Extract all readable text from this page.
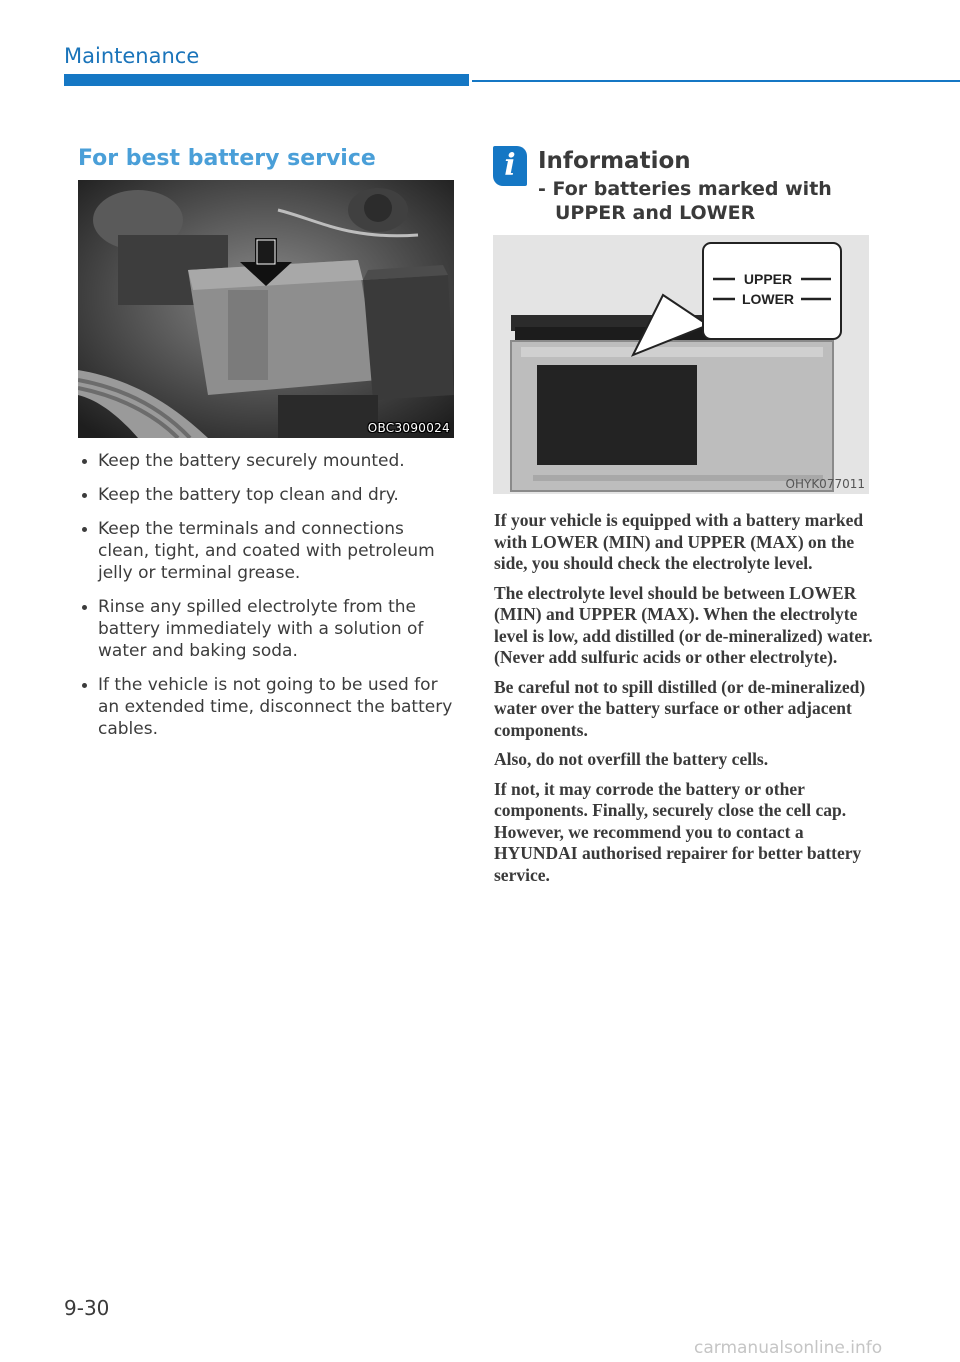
Maintenance
For best battery service
OBC3090024
Keep the battery securely mounted.
Keep the battery top clean and dry.
Keep the terminals and connections clean, tight, and coated with petroleum jelly or terminal grease.
Rinse any spilled electrolyte from the battery immediately with a solution of water and baking soda.
If the vehicle is not going to be used for an extended time, disconnect the battery cables.
i Information
- For batteries marked with
UPPER and LOWER
UPPER
LOWER
OHYK077011

If your vehicle is equipped with a battery marked with LOWER (MIN) and UPPER (MAX) on the side, you should check the electrolyte level.

The electrolyte level should be between LOWER (MIN) and UPPER (MAX). When the electrolyte level is low, add distilled (or de-mineralized) water. (Never add sulfuric acids or other electrolyte).

Be careful not to spill distilled (or de-mineralized) water over the battery surface or other adjacent components.

Also, do not overfill the battery cells.

If not, it may corrode the battery or other components. Finally, securely close the cell cap. However, we recommend you to contact a HYUNDAI authorised repairer for better battery service.

9-30
carmanualsonline.info
